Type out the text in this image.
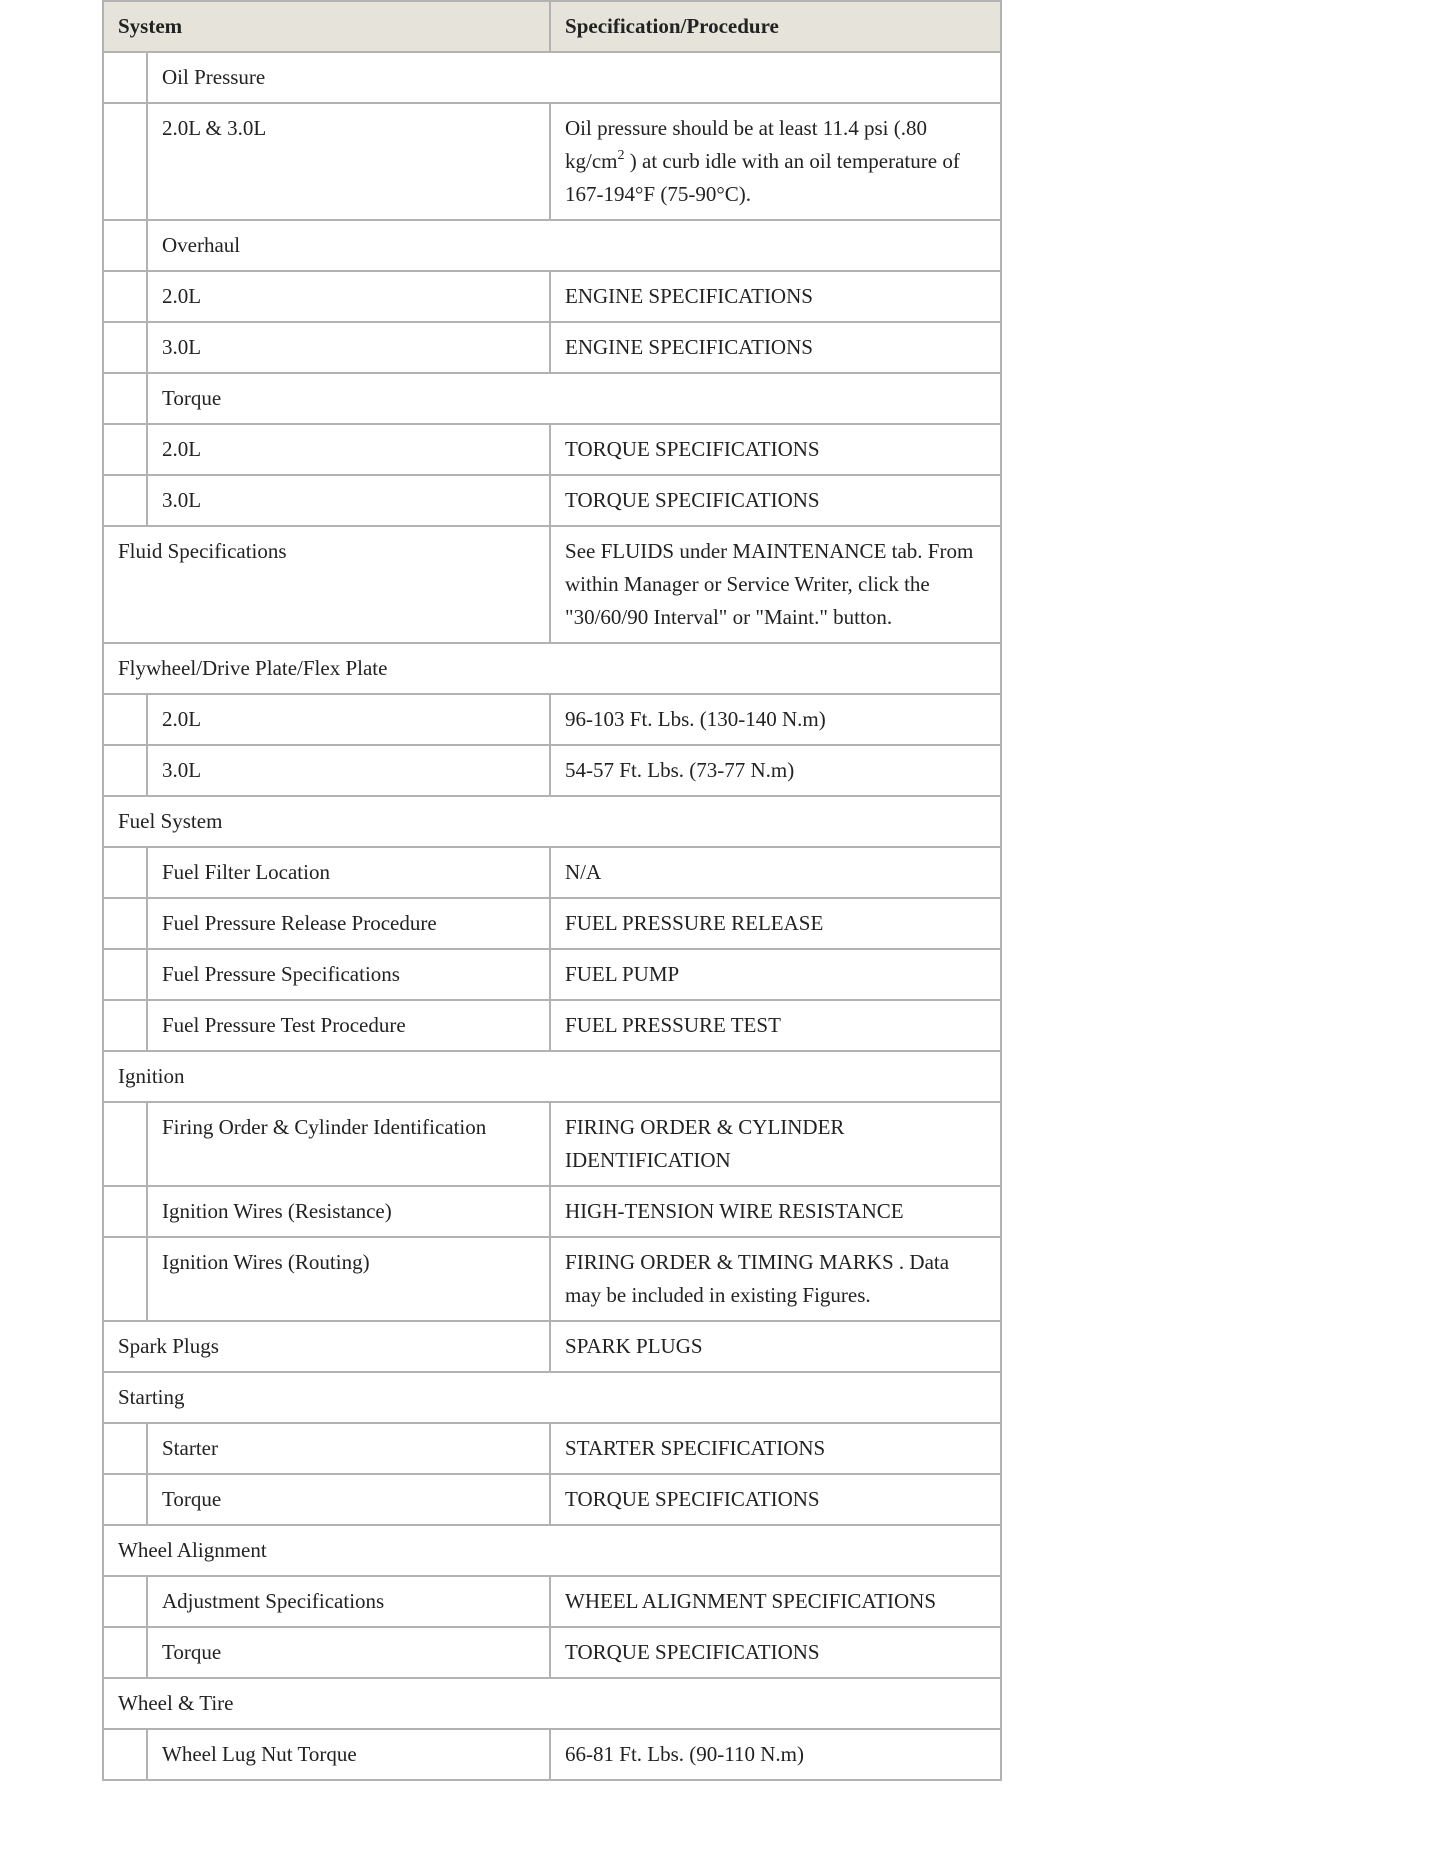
System		Specification/Procedure
	Oil Pressure	
	2.0L & 3.0L	Oil pressure should be at least 11.4 psi (.80 $kg/cm^2$ ) at curb idle with an oil temperature of 167-194°F (75-90°C).
	Overhaul	
	2.0L	ENGINE SPECIFICATIONS
	3.0L	ENGINE SPECIFICATIONS
	Torque	
	2.0L	TORQUE SPECIFICATIONS
	3.0L	TORQUE SPECIFICATIONS
Fluid Specifications		See FLUIDS under MAINTENANCE tab. From within Manager or Service Writer, click the "30/60/90 Interval" or "Maint." button.
Flywheel/Drive Plate/Flex Plate		
	2.0L	96-103 Ft. Lbs. (130-140 N.m)
	3.0L	54-57 Ft. Lbs. (73-77 N.m)
Fuel System		
	Fuel Filter Location	N/A
	Fuel Pressure Release Procedure	FUEL PRESSURE RELEASE
	Fuel Pressure Specifications	FUEL PUMP
	Fuel Pressure Test Procedure	FUEL PRESSURE TEST
Ignition		
	Firing Order & Cylinder Identification	FIRING ORDER & CYLINDER IDENTIFICATION
	Ignition Wires (Resistance)	HIGH-TENSION WIRE RESISTANCE
	Ignition Wires (Routing)	FIRING ORDER & TIMING MARKS . Data may be included in existing Figures.
Spark Plugs		SPARK PLUGS
Starting		
	Starter	STARTER SPECIFICATIONS
	Torque	TORQUE SPECIFICATIONS
Wheel Alignment		
	Adjustment Specifications	WHEEL ALIGNMENT SPECIFICATIONS
	Torque	TORQUE SPECIFICATIONS
Wheel & Tire		
	Wheel Lug Nut Torque	66-81 Ft. Lbs. (90-110 N.m)
